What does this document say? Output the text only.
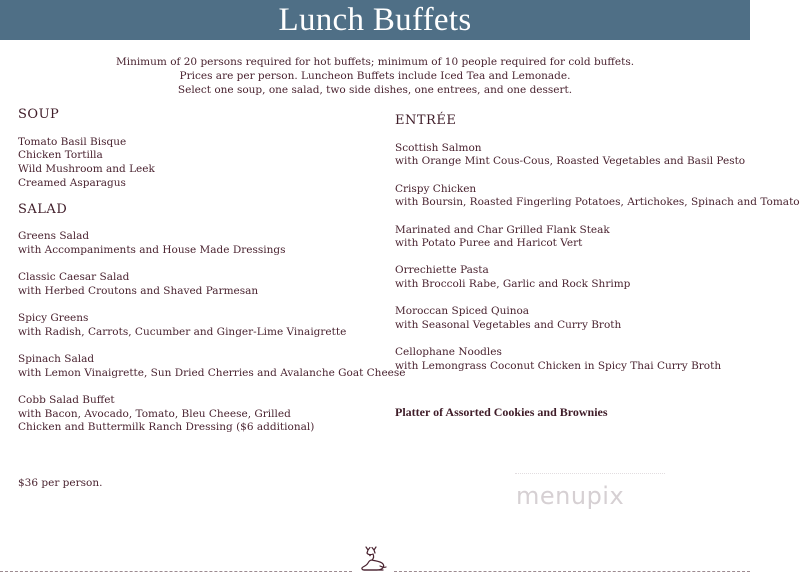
Lunch Buffets
Minimum of 20 persons required for hot buffets; minimum of 10 people required for cold buffets.
Prices are per person. Luncheon Buffets include Iced Tea and Lemonade.
Select one soup, one salad, two side dishes, one entrees, and one dessert.
SOUP
Tomato Basil Bisque
Chicken Tortilla
Wild Mushroom and Leek
Creamed Asparagus
SALAD
Greens Salad
with Accompaniments and House Made Dressings
Classic Caesar Salad
with Herbed Croutons and Shaved Parmesan
Spicy Greens
with Radish, Carrots, Cucumber and Ginger-Lime Vinaigrette
Spinach Salad
with Lemon Vinaigrette, Sun Dried Cherries and Avalanche Goat Cheese
Cobb Salad Buffet
with Bacon, Avocado, Tomato, Bleu Cheese, Grilled Chicken and Buttermilk Ranch Dressing ($6 additional)
ENTRÉE
Scottish Salmon
with Orange Mint Cous-Cous, Roasted Vegetables and Basil Pesto
Crispy Chicken
with Boursin, Roasted Fingerling Potatoes, Artichokes, Spinach and Tomato
Marinated and Char Grilled Flank Steak
with Potato Puree and Haricot Vert
Orrechiette Pasta
with Broccoli Rabe, Garlic and Rock Shrimp
Moroccan Spiced Quinoa
with Seasonal Vegetables and Curry Broth
Cellophane Noodles
with Lemongrass Coconut Chicken in Spicy Thai Curry Broth
Platter of Assorted Cookies and Brownies
$36 per person.	menupix
